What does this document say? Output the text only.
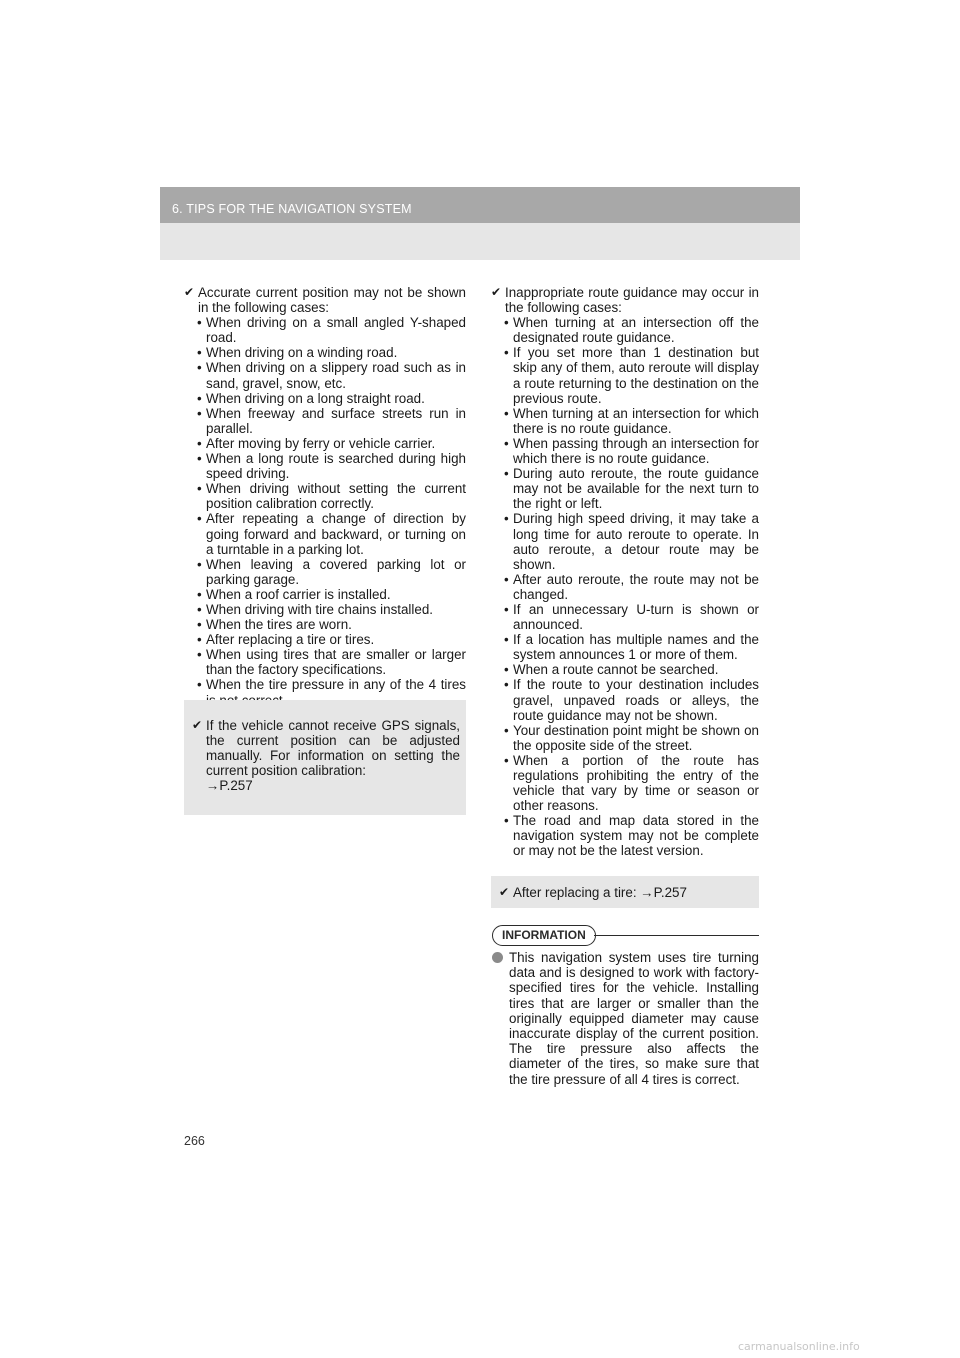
6. TIPS FOR THE NAVIGATION SYSTEM
✔ Accurate current position may not be shown in the following cases:
• When driving on a small angled Y-shaped road.
• When driving on a winding road.
• When driving on a slippery road such as in sand, gravel, snow, etc.
• When driving on a long straight road.
• When freeway and surface streets run in parallel.
• After moving by ferry or vehicle carrier.
• When a long route is searched during high speed driving.
• When driving without setting the current position calibration correctly.
• After repeating a change of direction by going forward and backward, or turning on a turntable in a parking lot.
• When leaving a covered parking lot or parking garage.
• When a roof carrier is installed.
• When driving with tire chains installed.
• When the tires are worn.
• After replacing a tire or tires.
• When using tires that are smaller or larger than the factory specifications.
• When the tire pressure in any of the 4 tires
✔ If the vehicle cannot receive GPS signals, the current position can be adjusted manually. For information on setting the current position calibration:
→P.257
✔ Inappropriate route guidance may occur in the following cases:
• When turning at an intersection off the designated route guidance.
• If you set more than 1 destination but skip any of them, auto reroute will display a route returning to the destination on the previous route.
• When turning at an intersection for which there is no route guidance.
• When passing through an intersection for which there is no route guidance.
• During auto reroute, the route guidance may not be available for the next turn to the right or left.
• During high speed driving, it may take a long time for auto reroute to operate. In auto reroute, a detour route may be shown.
• After auto reroute, the route may not be changed.
• If an unnecessary U-turn is shown or announced.
• If a location has multiple names and the system announces 1 or more of them.
• When a route cannot be searched.
• If the route to your destination includes gravel, unpaved roads or alleys, the route guidance may not be shown.
• Your destination point might be shown on the opposite side of the street.
• When a portion of the route has regulations prohibiting the entry of the vehicle that vary by time or season or other reasons.
• The road and map data stored in the navigation system may not be complete or may not be the latest version.
✔ After replacing a tire: →P.257
INFORMATION
This navigation system uses tire turning data and is designed to work with factory-specified tires for the vehicle. Installing tires that are larger or smaller than the originally equipped diameter may cause inaccurate display of the current position. The tire pressure also affects the diameter of the tires, so make sure that the tire pressure of all 4 tires is correct.
266
carmanualsonline.info
